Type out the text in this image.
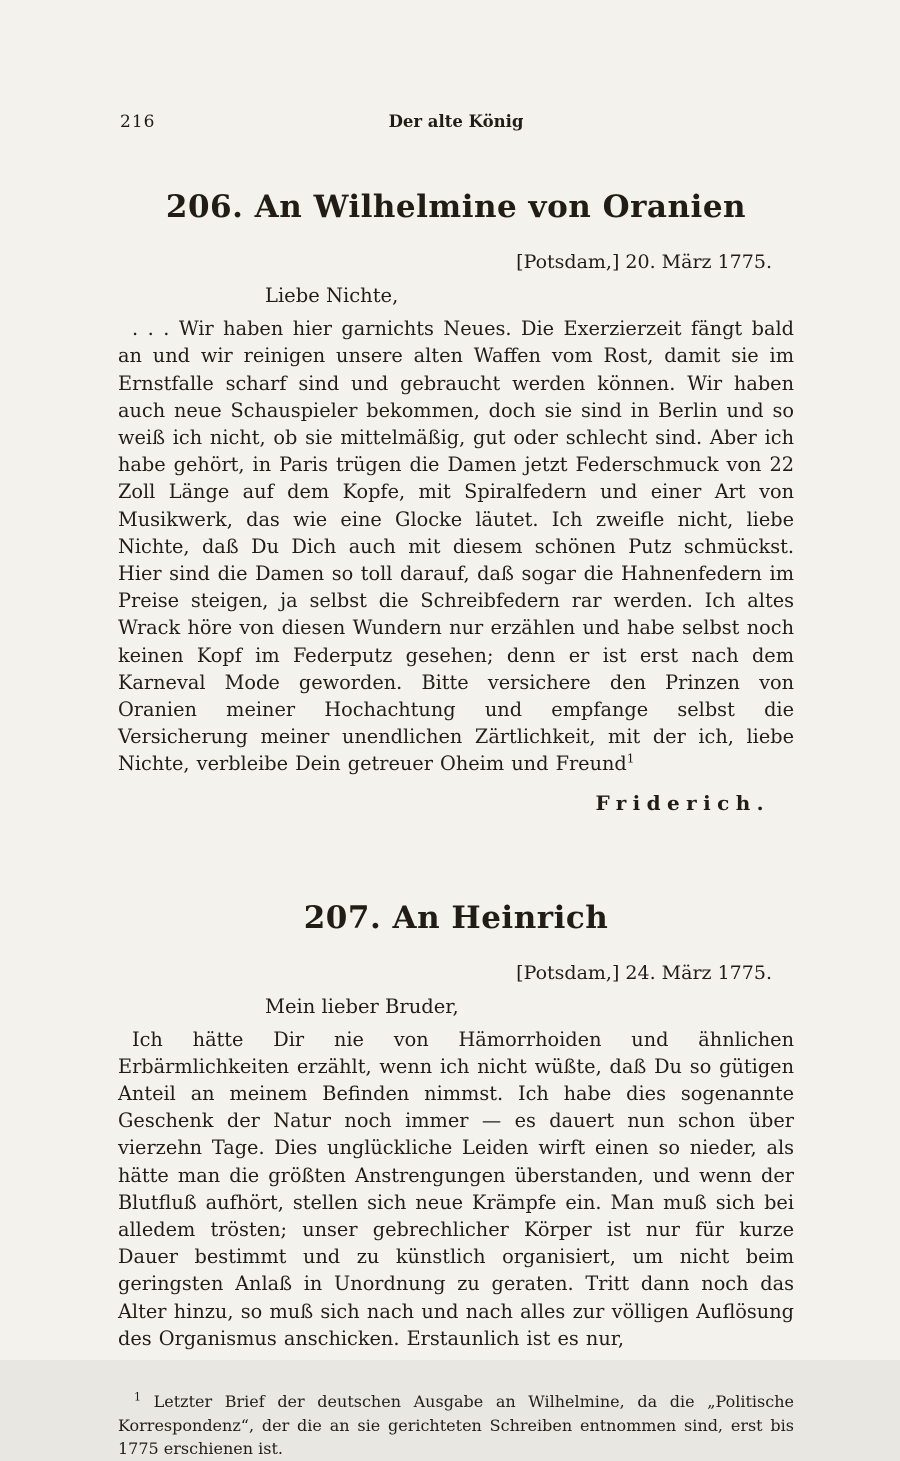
216	Der alte König
206. An Wilhelmine von Oranien
[Potsdam,] 20. März 1775.
Liebe Nichte,

. . . Wir haben hier garnichts Neues. Die Exerzierzeit fängt bald an und wir reinigen unsere alten Waffen vom Rost, damit sie im Ernstfalle scharf sind und gebraucht werden können. Wir haben auch neue Schauspieler bekommen, doch sie sind in Berlin und so weiß ich nicht, ob sie mittelmäßig, gut oder schlecht sind. Aber ich habe gehört, in Paris trügen die Damen jetzt Federschmuck von 22 Zoll Länge auf dem Kopfe, mit Spiralfedern und einer Art von Musikwerk, das wie eine Glocke läutet. Ich zweifle nicht, liebe Nichte, daß Du Dich auch mit diesem schönen Putz schmückst. Hier sind die Damen so toll darauf, daß sogar die Hahnenfedern im Preise steigen, ja selbst die Schreibfedern rar werden. Ich altes Wrack höre von diesen Wundern nur erzählen und habe selbst noch keinen Kopf im Federputz gesehen; denn er ist erst nach dem Karneval Mode geworden. Bitte versichere den Prinzen von Oranien meiner Hochachtung und empfange selbst die Versicherung meiner unendlichen Zärtlichkeit, mit der ich, liebe Nichte, verbleibe Dein getreuer Oheim und Freund$^1$

Friderich.
207. An Heinrich
[Potsdam,] 24. März 1775.
Mein lieber Bruder,

Ich hätte Dir nie von Hämorrhoiden und ähnlichen Erbärmlichkeiten erzählt, wenn ich nicht wüßte, daß Du so gütigen Anteil an meinem Befinden nimmst. Ich habe dies sogenannte Geschenk der Natur noch immer — es dauert nun schon über vierzehn Tage. Dies unglückliche Leiden wirft einen so nieder, als hätte man die größten Anstrengungen überstanden, und wenn der Blutfluß aufhört, stellen sich neue Krämpfe ein. Man muß sich bei alledem trösten; unser gebrechlicher Körper ist nur für kurze Dauer bestimmt und zu künstlich organisiert, um nicht beim geringsten Anlaß in Unordnung zu geraten. Tritt dann noch das Alter hinzu, so muß sich nach und nach alles zur völligen Auflösung des Organismus anschicken. Erstaunlich ist es nur,

$^1$ Letzter Brief der deutschen Ausgabe an Wilhelmine, da die „Politische Korrespondenz“, der die an sie gerichteten Schreiben entnommen sind, erst bis 1775 erschienen ist.
